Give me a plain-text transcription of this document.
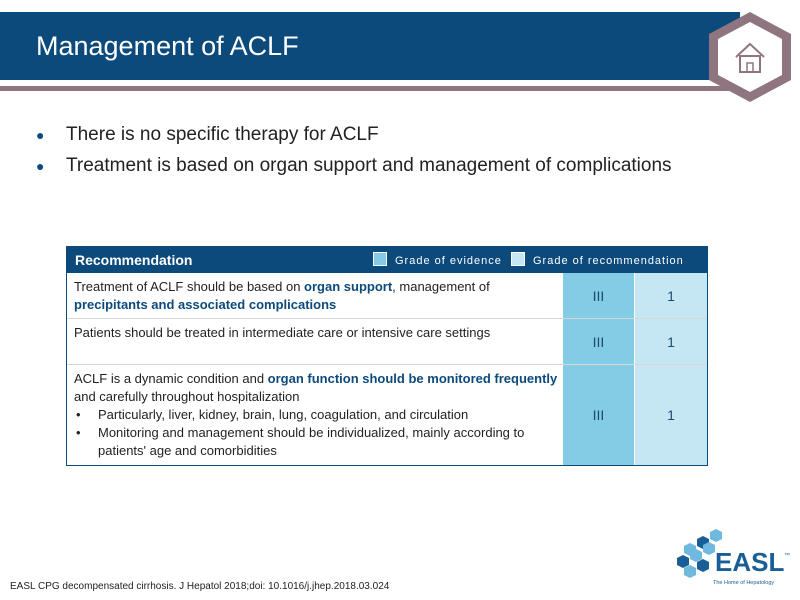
Management of ACLF
● There is no specific therapy for ACLF
● Treatment is based on organ support and management of complications
Recommendation	Grade of evidence	Grade of recommendation
Treatment of ACLF should be based on organ support, management of precipitants and associated complications
III	1
Patients should be treated in intermediate care or intensive care settings
III	1
ACLF is a dynamic condition and organ function should be monitored frequently and carefully throughout hospitalization
• Particularly, liver, kidney, brain, lung, coagulation, and circulation
• Monitoring and management should be individualized, mainly according to patients' age and comorbidities
III	1
EASL CPG decompensated cirrhosis. J Hepatol 2018;doi: 10.1016/j.jhep.2018.03.024
EASL ™
The Home of Hepatology
